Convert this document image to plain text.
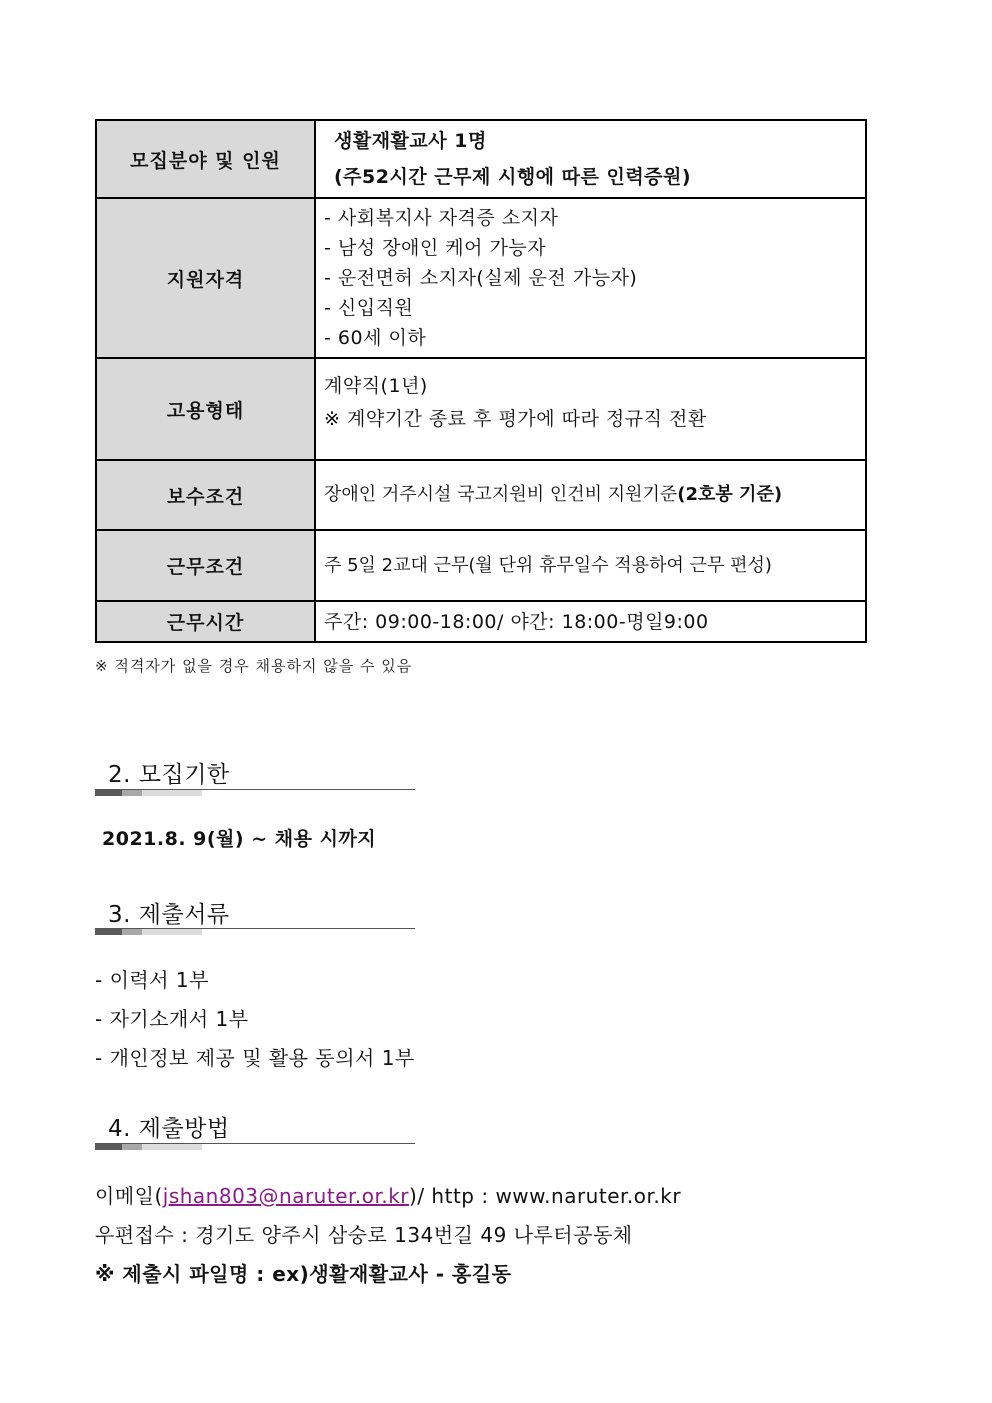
모집분야 및 인원	생활재활교사 1명
(주52시간 근무제 시행에 따른 인력증원)

지원자격	- 사회복지사 자격증 소지자
- 남성 장애인 케어 가능자
- 운전면허 소지자(실제 운전 가능자)
- 신입직원
- 60세 이하

고용형태	계약직(1년)
※ 계약기간 종료 후 평가에 따라 정규직 전환

보수조건	장애인 거주시설 국고지원비 인건비 지원기준(2호봉 기준)
근무조건	주 5일 2교대 근무(월 단위 휴무일수 적용하여 근무 편성)
근무시간	주간: 09:00-18:00/ 야간: 18:00-명일9:00
※ 적격자가 없을 경우 채용하지 않을 수 있음
2. 모집기한
2021.8. 9(월) ~ 채용 시까지
3. 제출서류
- 이력서 1부
- 자기소개서 1부
- 개인정보 제공 및 활용 동의서 1부
4. 제출방법
이메일(jshan803@naruter.or.kr)/ http : www.naruter.or.kr
우편접수 : 경기도 양주시 삼숭로 134번길 49 나루터공동체
※ 제출시 파일명 : ex)생활재활교사 - 홍길동
